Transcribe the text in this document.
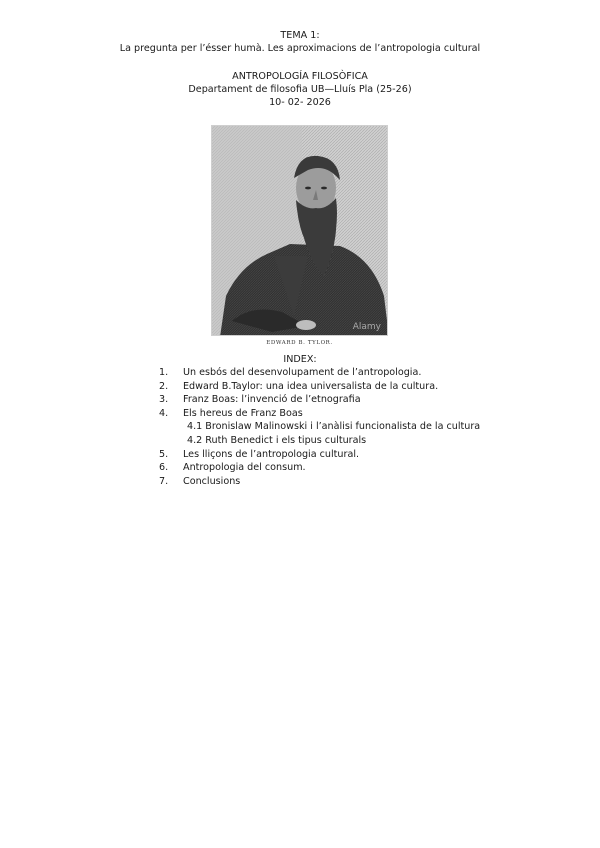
TEMA 1:
La pregunta per l’ésser humà. Les aproximacions de l’antropologia cultural
ANTROPOLOGÍA FILOSÒFICA
Departament de filosofia UB—Lluís Pla (25-26)
10- 02- 2026
Alamy
EDWARD B. TYLOR.
INDEX:
1. Un esbós del desenvolupament de l’antropologia.
2. Edward B.Taylor: una idea universalista de la cultura.
3. Franz Boas: l’invenció de l’etnografia
4. Els hereus de Franz Boas
4.1 Bronislaw Malinowski i l’anàlisi funcionalista de la cultura
4.2 Ruth Benedict i els tipus culturals
5. Les lliçons de l’antropologia cultural.
6. Antropologia del consum.
7. Conclusions
